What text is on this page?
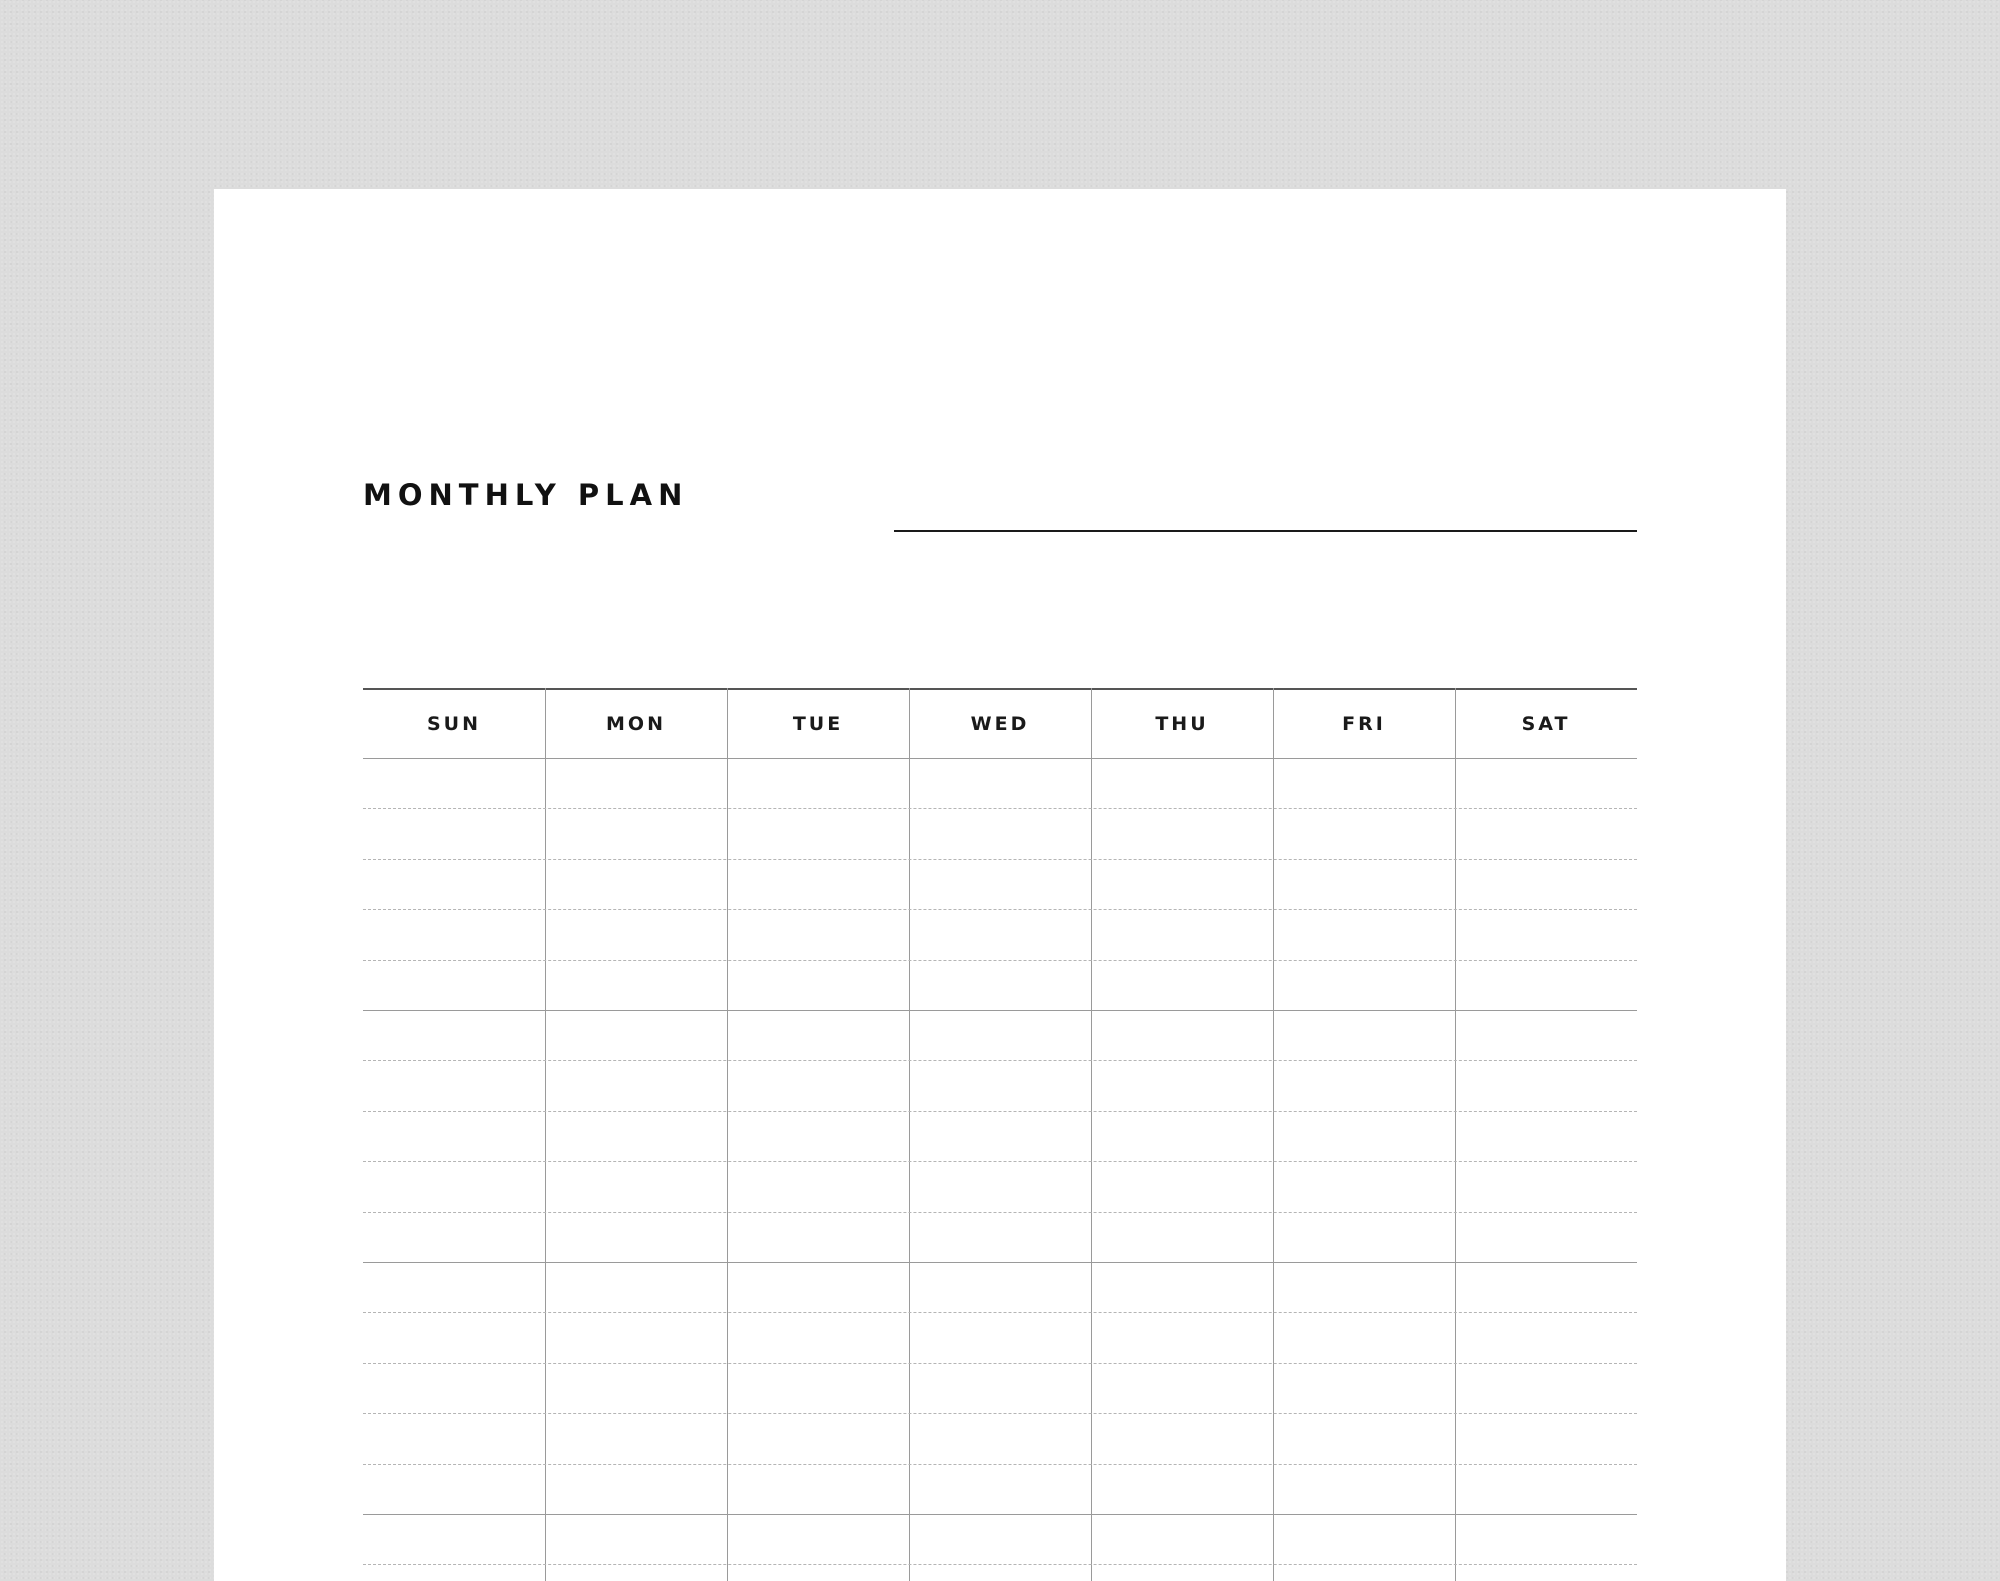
MONTHLY PLAN
SUN	MON	TUE	WED	THU	FRI	SAT
